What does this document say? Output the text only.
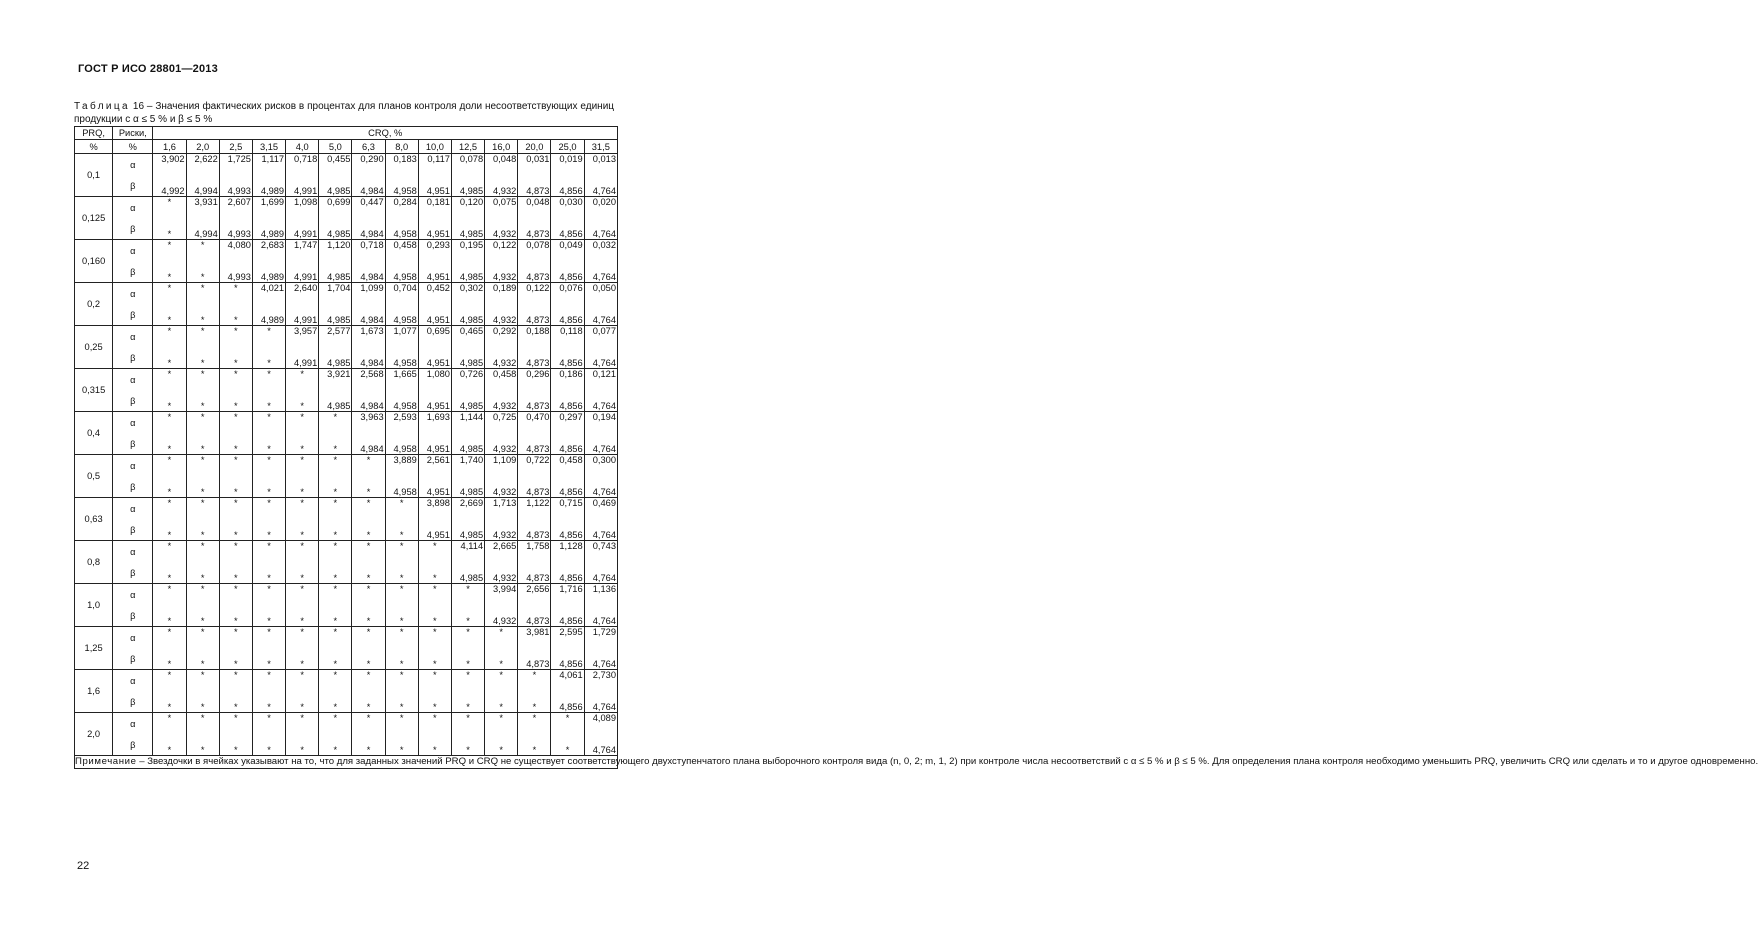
ГОСТ Р ИСО 28801—2013
Таблица 16 – Значения фактических рисков в процентах для планов контроля доли несоответствующих единиц продукции с α ≤ 5 % и β ≤ 5 %
PRQ,	Риски,	CRQ, %													
%	%	1,6	2,0	2,5	3,15	4,0	5,0	6,3	8,0	10,0	12,5	16,0	20,0	25,0	31,5
0,1	α	3,902	2,622	1,725	1,117	0,718	0,455	0,290	0,183	0,117	0,078	0,048	0,031	0,019	0,013
	β	4,992	4,994	4,993	4,989	4,991	4,985	4,984	4,958	4,951	4,985	4,932	4,873	4,856	4,764
0,125	α	*	3,931	2,607	1,699	1,098	0,699	0,447	0,284	0,181	0,120	0,075	0,048	0,030	0,020
	β	*	4,994	4,993	4,989	4,991	4,985	4,984	4,958	4,951	4,985	4,932	4,873	4,856	4,764
0,160	α	*	*	4,080	2,683	1,747	1,120	0,718	0,458	0,293	0,195	0,122	0,078	0,049	0,032
	β	*	*	4,993	4,989	4,991	4,985	4,984	4,958	4,951	4,985	4,932	4,873	4,856	4,764
0,2	α	*	*	*	4,021	2,640	1,704	1,099	0,704	0,452	0,302	0,189	0,122	0,076	0,050
	β	*	*	*	4,989	4,991	4,985	4,984	4,958	4,951	4,985	4,932	4,873	4,856	4,764
0,25	α	*	*	*	*	3,957	2,577	1,673	1,077	0,695	0,465	0,292	0,188	0,118	0,077
	β	*	*	*	*	4,991	4,985	4,984	4,958	4,951	4,985	4,932	4,873	4,856	4,764
0,315	α	*	*	*	*	*	3,921	2,568	1,665	1,080	0,726	0,458	0,296	0,186	0,121
	β	*	*	*	*	*	4,985	4,984	4,958	4,951	4,985	4,932	4,873	4,856	4,764
0,4	α	*	*	*	*	*	*	3,963	2,593	1,693	1,144	0,725	0,470	0,297	0,194
	β	*	*	*	*	*	*	4,984	4,958	4,951	4,985	4,932	4,873	4,856	4,764
0,5	α	*	*	*	*	*	*	*	3,889	2,561	1,740	1,109	0,722	0,458	0,300
	β	*	*	*	*	*	*	*	4,958	4,951	4,985	4,932	4,873	4,856	4,764
0,63	α	*	*	*	*	*	*	*	*	3,898	2,669	1,713	1,122	0,715	0,469
	β	*	*	*	*	*	*	*	*	4,951	4,985	4,932	4,873	4,856	4,764
0,8	α	*	*	*	*	*	*	*	*	*	4,114	2,665	1,758	1,128	0,743
	β	*	*	*	*	*	*	*	*	*	4,985	4,932	4,873	4,856	4,764
1,0	α	*	*	*	*	*	*	*	*	*	*	3,994	2,656	1,716	1,136
	β	*	*	*	*	*	*	*	*	*	*	4,932	4,873	4,856	4,764
1,25	α	*	*	*	*	*	*	*	*	*	*	*	3,981	2,595	1,729
	β	*	*	*	*	*	*	*	*	*	*	*	4,873	4,856	4,764
1,6	α	*	*	*	*	*	*	*	*	*	*	*	*	4,061	2,730
	β	*	*	*	*	*	*	*	*	*	*	*	*	4,856	4,764
2,0	α	*	*	*	*	*	*	*	*	*	*	*	*	*	4,089
	β	*	*	*	*	*	*	*	*	*	*	*	*	*	4,764
Примечание – Звездочки в ячейках указывают на то, что для заданных значений PRQ и CRQ не существует соответствующего двухступенчатого плана выборочного контроля вида (n, 0, 2; m, 1, 2) при контроле числа несоответствий с α ≤ 5 % и β ≤ 5 %. Для определения плана контроля необходимо уменьшить PRQ, увеличить CRQ или сделать и то и другое одновременно.															
22
